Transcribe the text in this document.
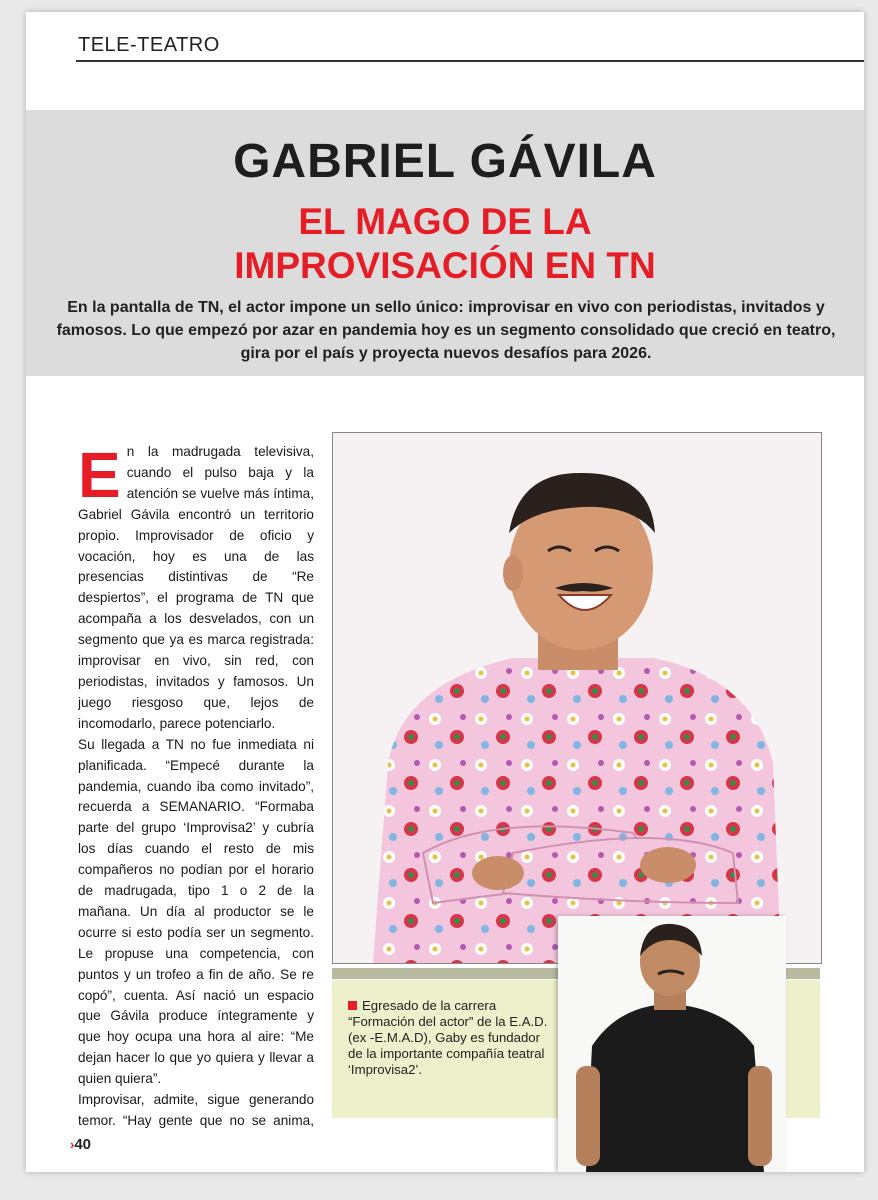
TELE-TEATRO
GABRIEL GÁVILA
EL MAGO DE LA
IMPROVISACIÓN EN TN
En la pantalla de TN, el actor impone un sello único: improvisar en vivo con periodistas, invitados y famosos. Lo que empezó por azar en pandemia hoy es un segmento consolidado que creció en teatro, gira por el país y proyecta nuevos desafíos para 2026.

En la madrugada televisiva, cuando el pulso baja y la atención se vuelve más íntima, Gabriel Gávila encontró un territorio propio. Improvisador de oficio y vocación, hoy es una de las presencias distintivas de “Re despiertos”, el programa de TN que acompaña a los desvelados, con un segmento que ya es marca registrada: improvisar en vivo, sin red, con periodistas, invitados y famosos. Un juego riesgoso que, lejos de incomodarlo, parece potenciarlo.

Su llegada a TN no fue inmediata ni planificada. “Empecé durante la pandemia, cuando iba como invitado”, recuerda a SEMANARIO. “Formaba parte del grupo ‘Improvisa2’ y cubría los días cuando el resto de mis compañeros no podían por el horario de madrugada, tipo 1 o 2 de la mañana. Un día al productor se le ocurre si esto podía ser un segmento. Le propuse una competencia, con puntos y un trofeo a fin de año. Se re copó”, cuenta. Así nació un espacio que Gávila produce íntegramente y que hoy ocupa una hora al aire: “Me dejan hacer lo que yo quiera y llevar a quien quiera”.

Improvisar, admite, sigue generando temor. “Hay gente que no se anima,

Egresado de la carrera “Formación del actor” de la E.A.D. (ex -E.M.A.D), Gaby es fundador de la importante compañía teatral ‘Improvisa2’.
›40
